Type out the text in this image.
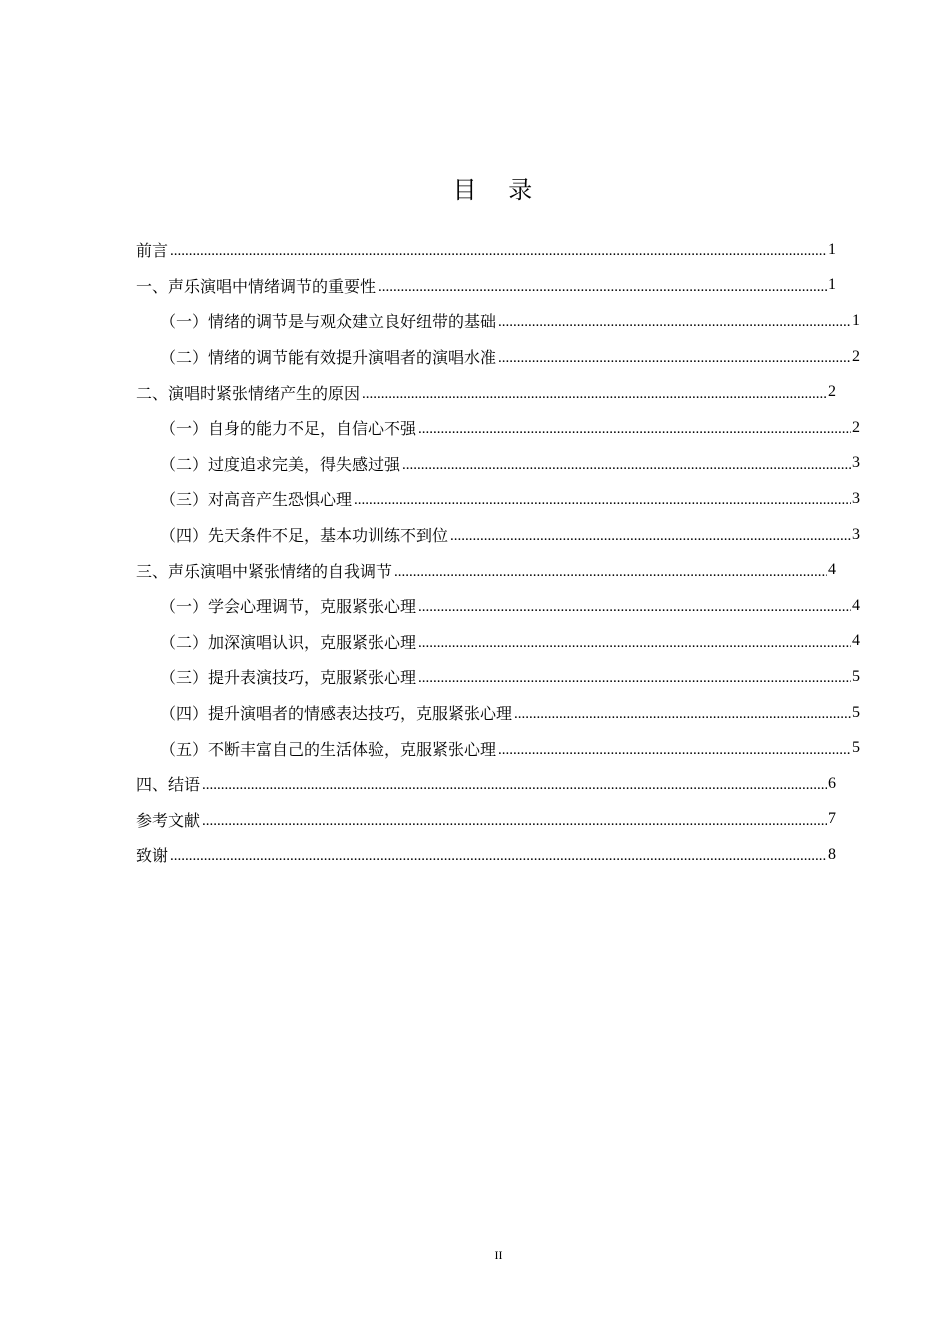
目 录
前言 .....	1
一、声乐演唱中情绪调节的重要性 .....	1
（一）情绪的调节是与观众建立良好纽带的基础 .....	1
（二）情绪的调节能有效提升演唱者的演唱水准 .....	2
二、演唱时紧张情绪产生的原因 .....	2
（一）自身的能力不足，自信心不强 .....	2
（二）过度追求完美，得失感过强 .....	3
（三）对高音产生恐惧心理 .....	3
（四）先天条件不足，基本功训练不到位 .....	3
三、声乐演唱中紧张情绪的自我调节 .....	4
（一）学会心理调节，克服紧张心理 .....	4
（二）加深演唱认识，克服紧张心理 .....	4
（三）提升表演技巧，克服紧张心理 .....	5
（四）提升演唱者的情感表达技巧，克服紧张心理 .....	5
（五）不断丰富自己的生活体验，克服紧张心理 .....	5
四、结语 .....	6
参考文献 .....	7
致谢 .....	8
II
